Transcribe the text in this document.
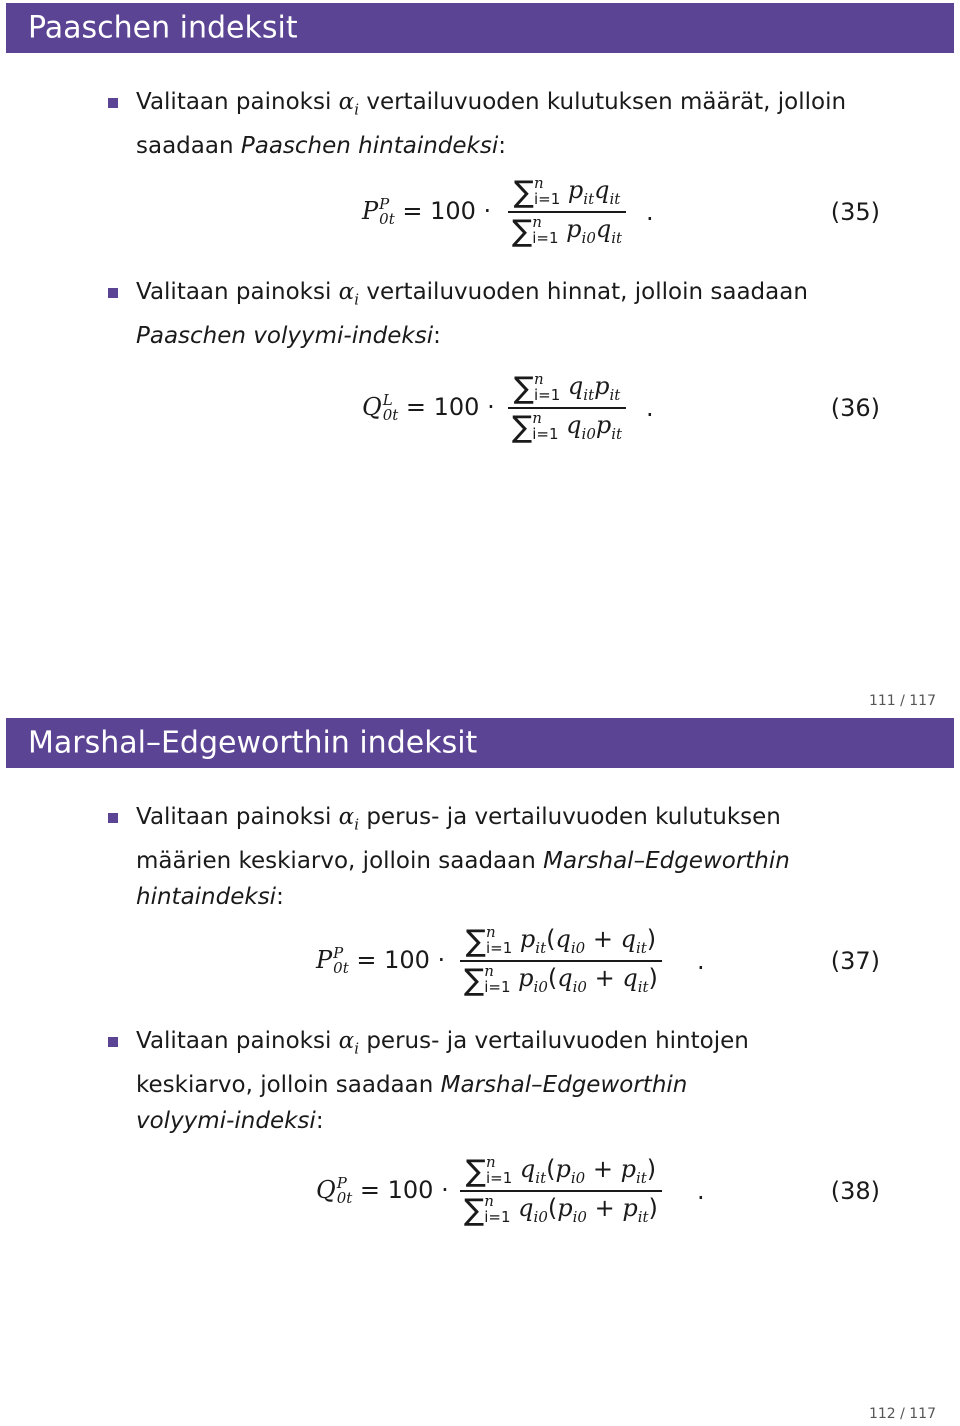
Paaschen indeksit
Valitaan painoksi $\alpha_i$ vertailuvuoden kulutuksen määrät, jolloin
saadaan Paaschen hintaindeksi:
PP
0t = 100 ·
∑n
i=1 $p_{it}q_{it}$
∑n
i=1 $p_{i0}q_{it}$
.	(35)
Valitaan painoksi $\alpha_i$ vertailuvuoden hinnat, jolloin saadaan
Paaschen volyymi-indeksi:
QL
0t = 100 ·
∑n
i=1 $q_{it}p_{it}$
∑n
i=1 $q_{i0}p_{it}$
.	(36)
111 / 117
Marshal–Edgeworthin indeksit
Valitaan painoksi $\alpha_i$ perus- ja vertailuvuoden kulutuksen
määrien keskiarvo, jolloin saadaan Marshal–Edgeworthin
hintaindeksi:
PP
0t = 100 ·
∑n
i=1 $p_{it}(q_{i0} + q_{it})$
∑n
i=1 $p_{i0}(q_{i0} + q_{it})$
.	(37)
Valitaan painoksi $\alpha_i$ perus- ja vertailuvuoden hintojen
keskiarvo, jolloin saadaan Marshal–Edgeworthin
volyymi-indeksi:
QP
0t = 100 ·
∑n
i=1 $q_{it}(p_{i0} + p_{it})$
∑n
i=1 $q_{i0}(p_{i0} + p_{it})$
.	(38)
112 / 117
